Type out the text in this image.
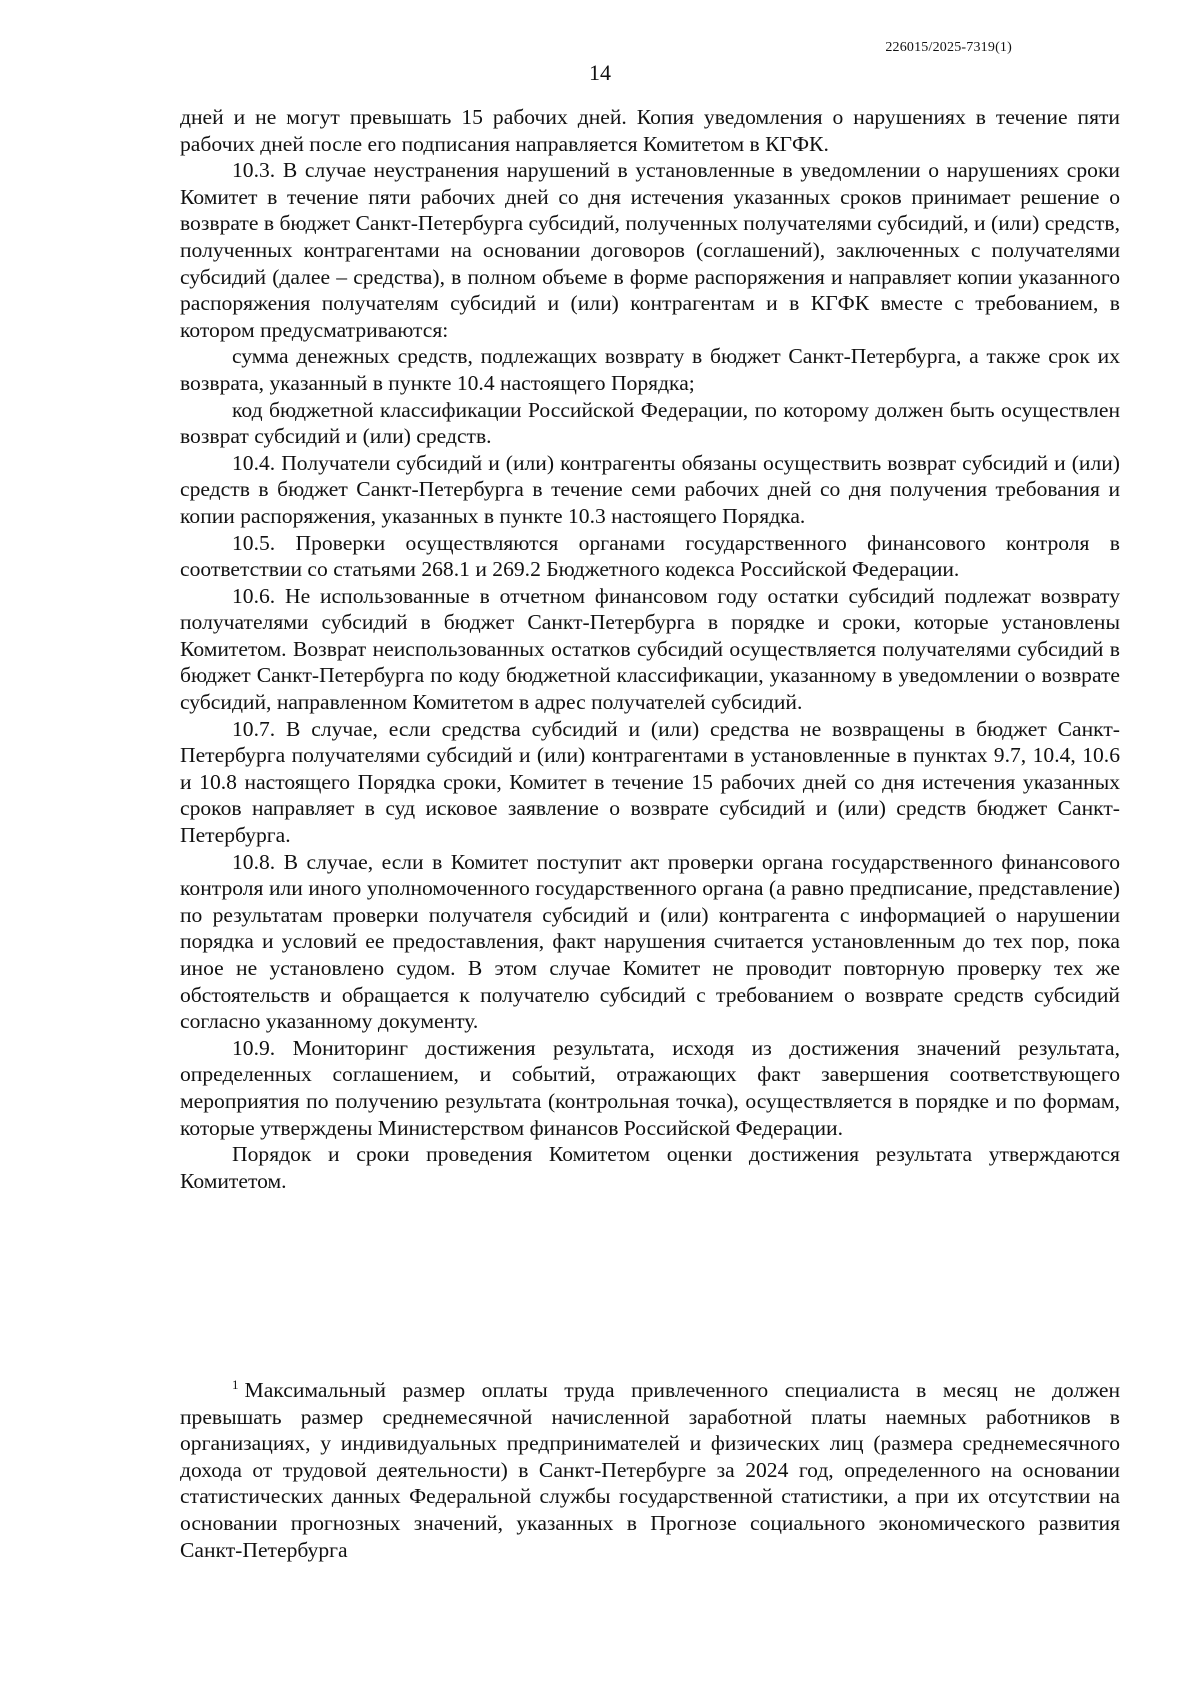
226015/2025-7319(1)
14

дней и не могут превышать 15 рабочих дней. Копия уведомления о нарушениях в течение пяти рабочих дней после его подписания направляется Комитетом в КГФК.

10.3. В случае неустранения нарушений в установленные в уведомлении о нарушениях сроки Комитет в течение пяти рабочих дней со дня истечения указанных сроков принимает решение о возврате в бюджет Санкт-Петербурга субсидий, полученных получателями субсидий, и (или) средств, полученных контрагентами на основании договоров (соглашений), заключенных с получателями субсидий (далее – средства), в полном объеме в форме распоряжения и направляет копии указанного распоряжения получателям субсидий и (или) контрагентам и в КГФК вместе с требованием, в котором предусматриваются:

сумма денежных средств, подлежащих возврату в бюджет Санкт-Петербурга, а также срок их возврата, указанный в пункте 10.4 настоящего Порядка;

код бюджетной классификации Российской Федерации, по которому должен быть осуществлен возврат субсидий и (или) средств.

10.4. Получатели субсидий и (или) контрагенты обязаны осуществить возврат субсидий и (или) средств в бюджет Санкт-Петербурга в течение семи рабочих дней со дня получения требования и копии распоряжения, указанных в пункте 10.3 настоящего Порядка.

10.5. Проверки осуществляются органами государственного финансового контроля в соответствии со статьями 268.1 и 269.2 Бюджетного кодекса Российской Федерации.

10.6. Не использованные в отчетном финансовом году остатки субсидий подлежат возврату получателями субсидий в бюджет Санкт-Петербурга в порядке и сроки, которые установлены Комитетом. Возврат неиспользованных остатков субсидий осуществляется получателями субсидий в бюджет Санкт-Петербурга по коду бюджетной классификации, указанному в уведомлении о возврате субсидий, направленном Комитетом в адрес получателей субсидий.

10.7. В случае, если средства субсидий и (или) средства не возвращены в бюджет Санкт-Петербурга получателями субсидий и (или) контрагентами в установленные в пунктах 9.7, 10.4, 10.6 и 10.8 настоящего Порядка сроки, Комитет в течение 15 рабочих дней со дня истечения указанных сроков направляет в суд исковое заявление о возврате субсидий и (или) средств бюджет Санкт-Петербурга.

10.8. В случае, если в Комитет поступит акт проверки органа государственного финансового контроля или иного уполномоченного государственного органа (а равно предписание, представление) по результатам проверки получателя субсидий и (или) контрагента с информацией о нарушении порядка и условий ее предоставления, факт нарушения считается установленным до тех пор, пока иное не установлено судом. В этом случае Комитет не проводит повторную проверку тех же обстоятельств и обращается к получателю субсидий с требованием о возврате средств субсидий согласно указанному документу.

10.9. Мониторинг достижения результата, исходя из достижения значений результата, определенных соглашением, и событий, отражающих факт завершения соответствующего мероприятия по получению результата (контрольная точка), осуществляется в порядке и по формам, которые утверждены Министерством финансов Российской Федерации.

Порядок и сроки проведения Комитетом оценки достижения результата утверждаются Комитетом.

$^1$ Максимальный размер оплаты труда привлеченного специалиста в месяц не должен превышать размер среднемесячной начисленной заработной платы наемных работников в организациях, у индивидуальных предпринимателей и физических лиц (размера среднемесячного дохода от трудовой деятельности) в Санкт-Петербурге за 2024 год, определенного на основании статистических данных Федеральной службы государственной статистики, а при их отсутствии на основании прогнозных значений, указанных в Прогнозе социального экономического развития Санкт-Петербурга
